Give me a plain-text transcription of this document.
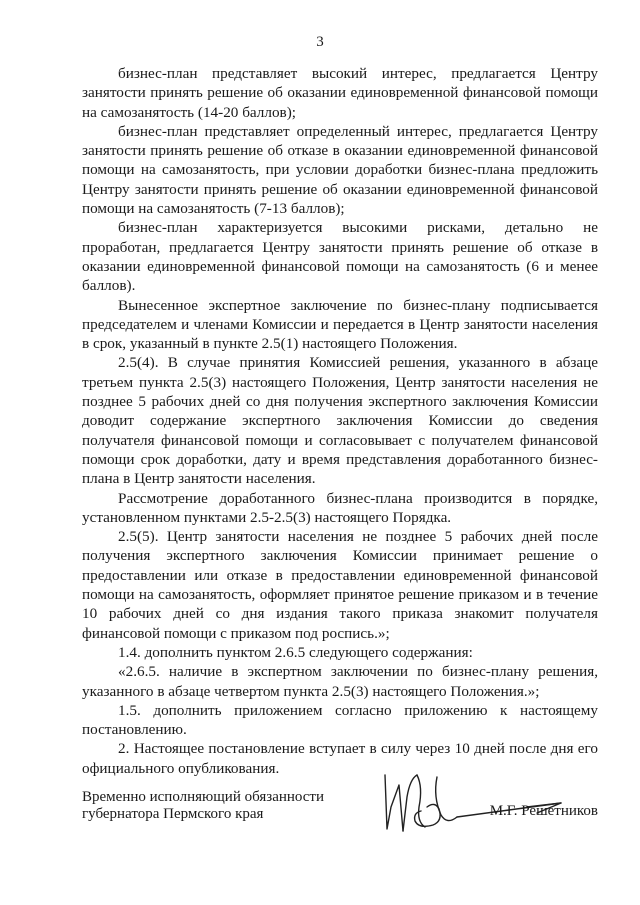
3

бизнес-план представляет высокий интерес, предлагается Центру занятости принять решение об оказании единовременной финансовой помощи на самозанятость (14-20 баллов);

бизнес-план представляет определенный интерес, предлагается Центру занятости принять решение об отказе в оказании единовременной финансовой помощи на самозанятость, при условии доработки бизнес-плана предложить Центру занятости принять решение об оказании единовременной финансовой помощи на самозанятость (7-13 баллов);

бизнес-план характеризуется высокими рисками, детально не проработан, предлагается Центру занятости принять решение об отказе в оказании единовременной финансовой помощи на самозанятость (6 и менее баллов).

Вынесенное экспертное заключение по бизнес-плану подписывается председателем и членами Комиссии и передается в Центр занятости населения в срок, указанный в пункте 2.5(1) настоящего Положения.

2.5(4). В случае принятия Комиссией решения, указанного в абзаце третьем пункта 2.5(3) настоящего Положения, Центр занятости населения не позднее 5 рабочих дней со дня получения экспертного заключения Комиссии доводит содержание экспертного заключения Комиссии до сведения получателя финансовой помощи и согласовывает с получателем финансовой помощи срок доработки, дату и время представления доработанного бизнес-плана в Центр занятости населения.

Рассмотрение доработанного бизнес-плана производится в порядке, установленном пунктами 2.5-2.5(3) настоящего Порядка.

2.5(5). Центр занятости населения не позднее 5 рабочих дней после получения экспертного заключения Комиссии принимает решение о предоставлении или отказе в предоставлении единовременной финансовой помощи на самозанятость, оформляет принятое решение приказом и в течение 10 рабочих дней со дня издания такого приказа знакомит получателя финансовой помощи с приказом под роспись.»;

1.4. дополнить пунктом 2.6.5 следующего содержания:

«2.6.5. наличие в экспертном заключении по бизнес-плану решения, указанного в абзаце четвертом пункта 2.5(3) настоящего Положения.»;

1.5. дополнить приложением согласно приложению к настоящему постановлению.

2. Настоящее постановление вступает в силу через 10 дней после дня его официального опубликования.

Временно исполняющий обязанности
губернатора Пермского края	М.Г. Решетников
